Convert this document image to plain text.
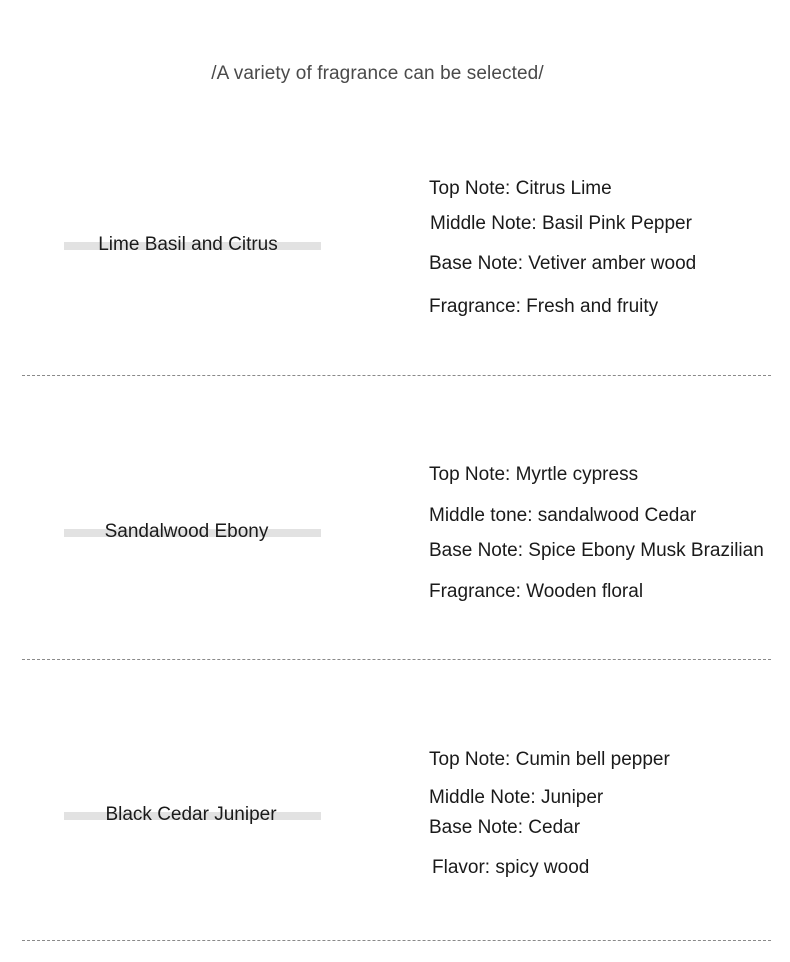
/A variety of fragrance can be selected/
Lime Basil and Citrus
Top Note: Citrus Lime
Middle Note: Basil Pink Pepper
Base Note: Vetiver amber wood
Fragrance: Fresh and fruity
Sandalwood Ebony
Top Note: Myrtle cypress
Middle tone: sandalwood Cedar
Base Note: Spice Ebony Musk Brazilian
Fragrance: Wooden floral
Black Cedar Juniper
Top Note: Cumin bell pepper
Middle Note: Juniper
Base Note: Cedar
Flavor: spicy wood
